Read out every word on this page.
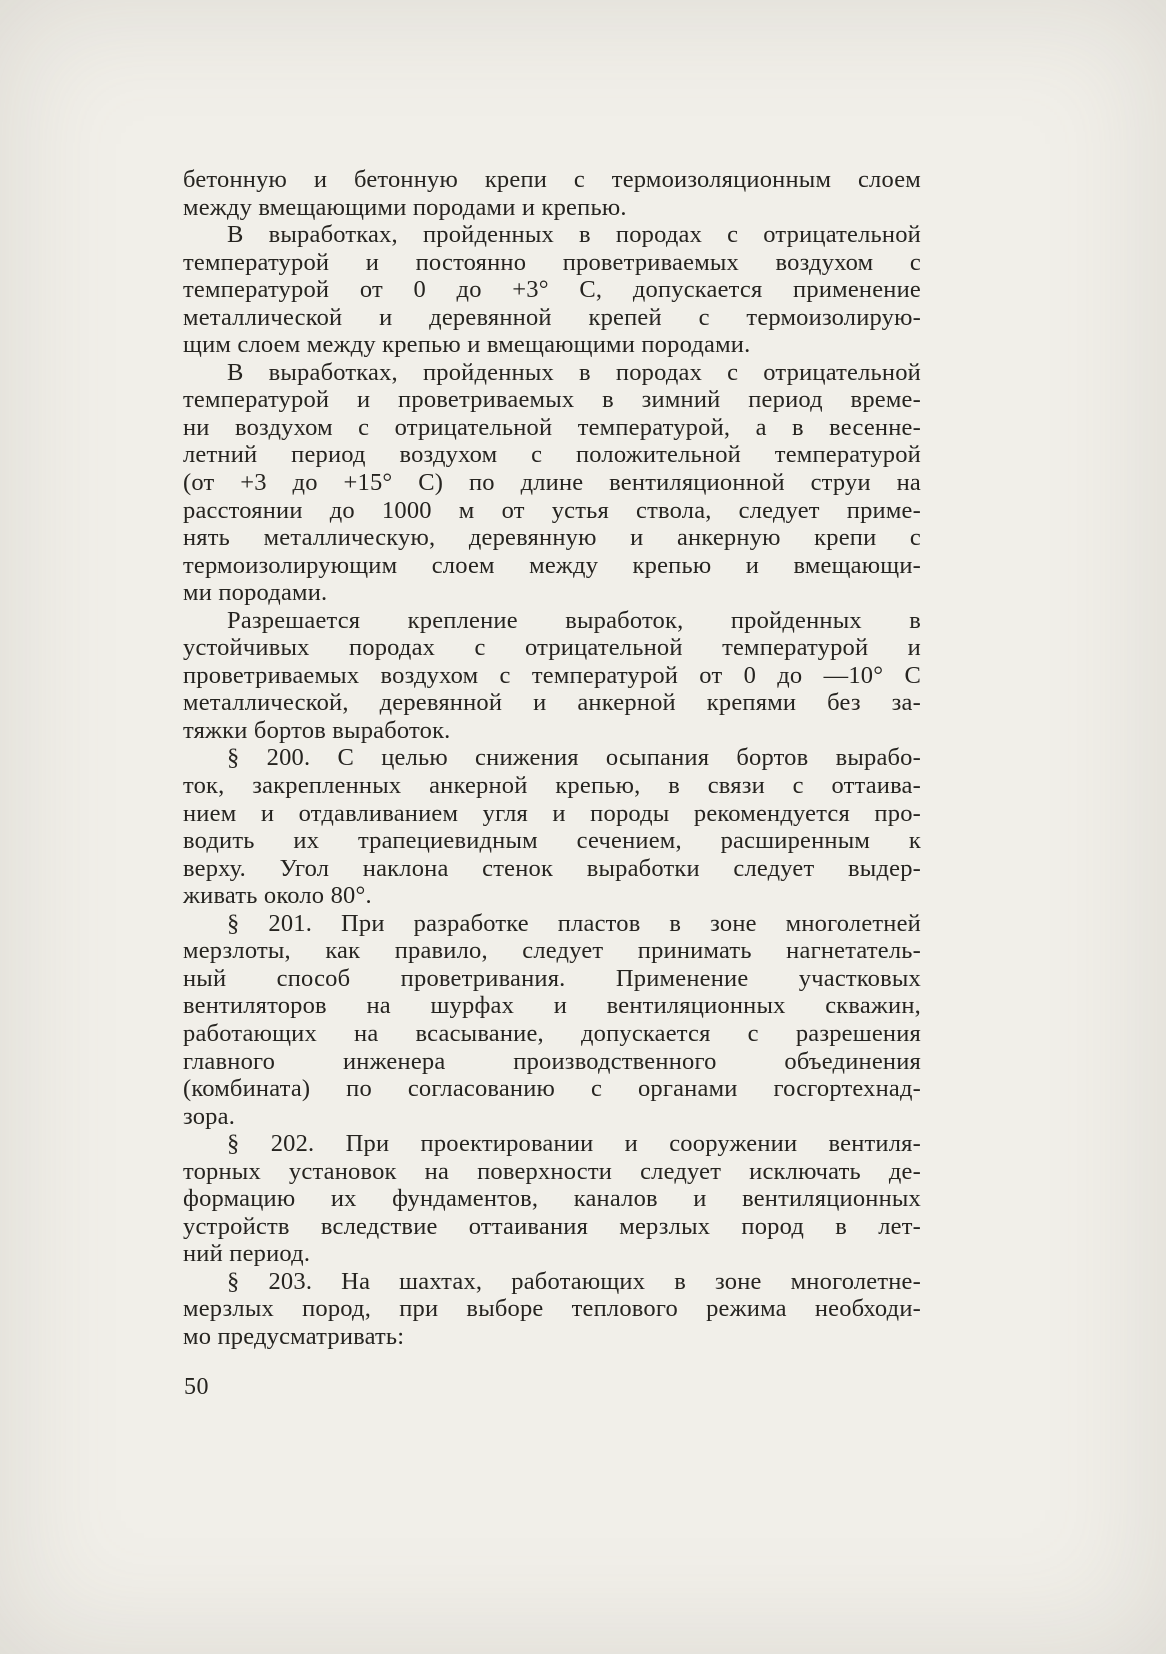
бетонную и бетонную крепи с термоизоляционным слоем
между вмещающими породами и крепью.
В выработках, пройденных в породах с отрицательной
температурой и постоянно проветриваемых воздухом с
температурой от 0 до +3° С, допускается применение
металлической и деревянной крепей с термоизолирую-
щим слоем между крепью и вмещающими породами.
В выработках, пройденных в породах с отрицательной
температурой и проветриваемых в зимний период време-
ни воздухом с отрицательной температурой, а в весенне-
летний период воздухом с положительной температурой
(от +3 до +15° С) по длине вентиляционной струи на
расстоянии до 1000 м от устья ствола, следует приме-
нять металлическую, деревянную и анкерную крепи с
термоизолирующим слоем между крепью и вмещающи-
ми породами.
Разрешается крепление выработок, пройденных в
устойчивых породах с отрицательной температурой и
проветриваемых воздухом с температурой от 0 до —10° С
металлической, деревянной и анкерной крепями без за-
тяжки бортов выработок.
§ 200. С целью снижения осыпания бортов вырабо-
ток, закрепленных анкерной крепью, в связи с оттаива-
нием и отдавливанием угля и породы рекомендуется про-
водить их трапециевидным сечением, расширенным к
верху. Угол наклона стенок выработки следует выдер-
живать около 80°.
§ 201. При разработке пластов в зоне многолетней
мерзлоты, как правило, следует принимать нагнетатель-
ный способ проветривания. Применение участковых
вентиляторов на шурфах и вентиляционных скважин,
работающих на всасывание, допускается с разрешения
главного инженера производственного объединения
(комбината) по согласованию с органами госгортехнад-
зора.
§ 202. При проектировании и сооружении вентиля-
торных установок на поверхности следует исключать де-
формацию их фундаментов, каналов и вентиляционных
устройств вследствие оттаивания мерзлых пород в лет-
ний период.
§ 203. На шахтах, работающих в зоне многолетне-
мерзлых пород, при выборе теплового режима необходи-
мо предусматривать:
50
